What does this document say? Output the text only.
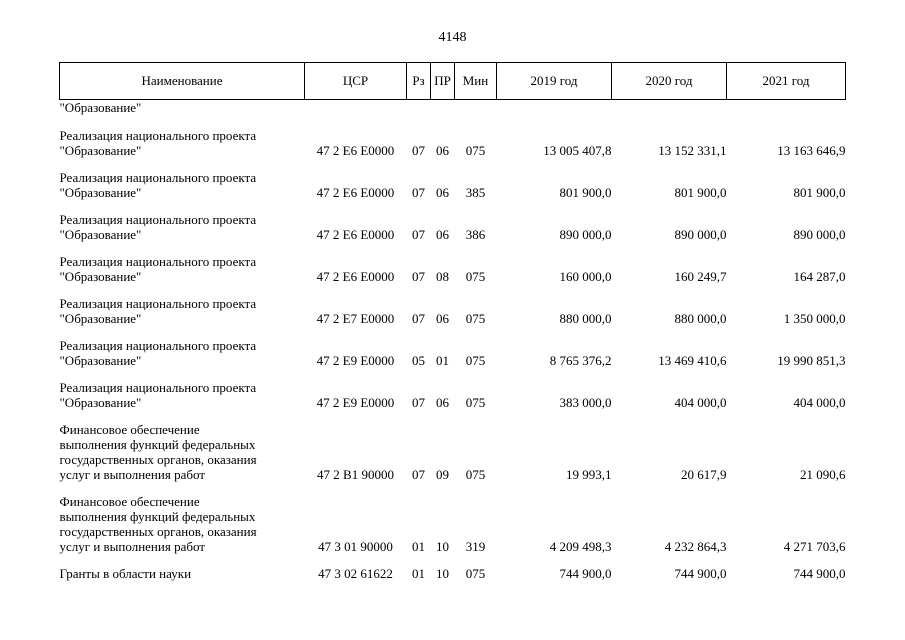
4148
Наименование	ЦСР	Рз	ПР	Мин	2019 год	2020 год	2021 год
"Образование"							

Реализация национального проекта
"Образование"	47 2 Е6 Е0000	07	06	075	13 005 407,8	13 152 331,1	13 163 646,9

Реализация национального проекта
"Образование"	47 2 Е6 Е0000	07	06	385	801 900,0	801 900,0	801 900,0

Реализация национального проекта
"Образование"	47 2 Е6 Е0000	07	06	386	890 000,0	890 000,0	890 000,0

Реализация национального проекта
"Образование"	47 2 Е6 Е0000	07	08	075	160 000,0	160 249,7	164 287,0

Реализация национального проекта
"Образование"	47 2 Е7 Е0000	07	06	075	880 000,0	880 000,0	1 350 000,0

Реализация национального проекта
"Образование"	47 2 Е9 Е0000	05	01	075	8 765 376,2	13 469 410,6	19 990 851,3

Реализация национального проекта
"Образование"	47 2 Е9 Е0000	07	06	075	383 000,0	404 000,0	404 000,0

Финансовое обеспечение
выполнения функций федеральных
государственных органов, оказания
услуг и выполнения работ	47 2 В1 90000	07	09	075	19 993,1	20 617,9	21 090,6

Финансовое обеспечение
выполнения функций федеральных
государственных органов, оказания
услуг и выполнения работ	47 3 01 90000	01	10	319	4 209 498,3	4 232 864,3	4 271 703,6

Гранты в области науки	47 3 02 61622	01	10	075	744 900,0	744 900,0	744 900,0
